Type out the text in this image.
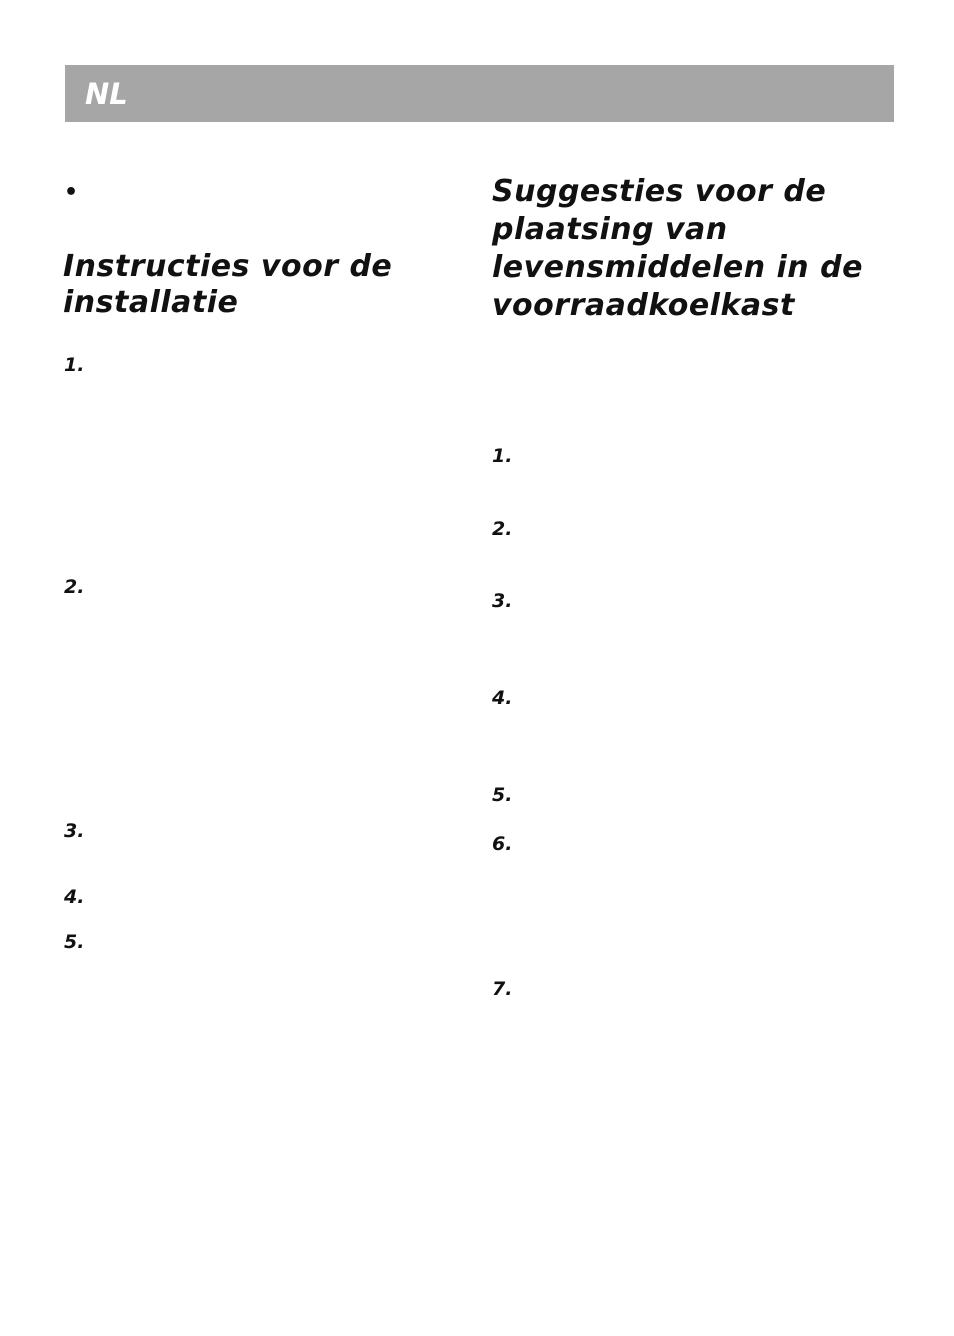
NL
•
Instructies voor de installatie
1.
2.
3.
4.
5.
Suggesties voor de plaatsing van levensmiddelen in de voorraadkoelkast
1.
2.
3.
4.
5.
6.
7.
